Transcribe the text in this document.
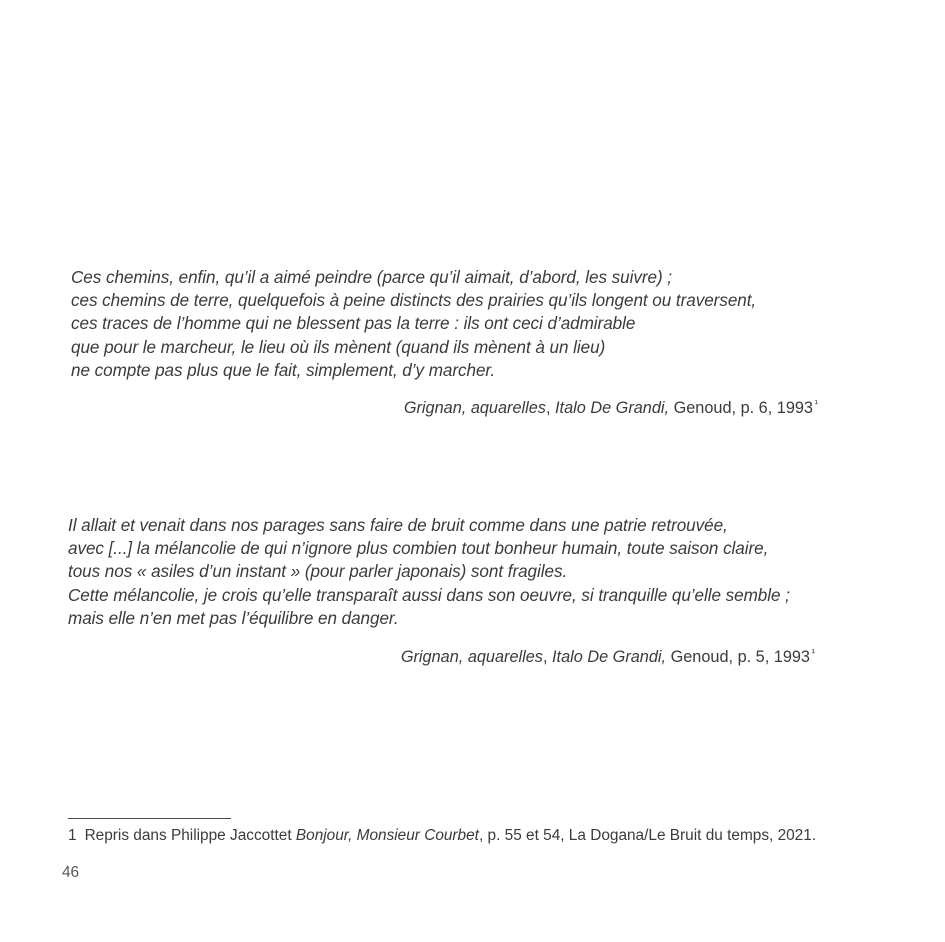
Ces chemins, enfin, qu’il a aimé peindre (parce qu’il aimait, d’abord, les suivre) ;
ces chemins de terre, quelquefois à peine distincts des prairies qu’ils longent ou traversent,
ces traces de l’homme qui ne blessent pas la terre : ils ont ceci d’admirable
que pour le marcheur, le lieu où ils mènent (quand ils mènent à un lieu)
ne compte pas plus que le fait, simplement, d’y marcher.
Grignan, aquarelles, Italo De Grandi, Genoud, p. 6, 1993 $^{^1}$
Il allait et venait dans nos parages sans faire de bruit comme dans une patrie retrouvée,
avec [...] la mélancolie de qui n’ignore plus combien tout bonheur humain, toute saison claire,
tous nos « asiles d’un instant » (pour parler japonais) sont fragiles.
Cette mélancolie, je crois qu’elle transparaît aussi dans son oeuvre, si tranquille qu’elle semble ;
mais elle n’en met pas l’équilibre en danger.
Grignan, aquarelles, Italo De Grandi, Genoud, p. 5, 1993 $^{^1}$
1 Repris dans Philippe Jaccottet Bonjour, Monsieur Courbet, p. 55 et 54, La Dogana/Le Bruit du temps, 2021.
46
